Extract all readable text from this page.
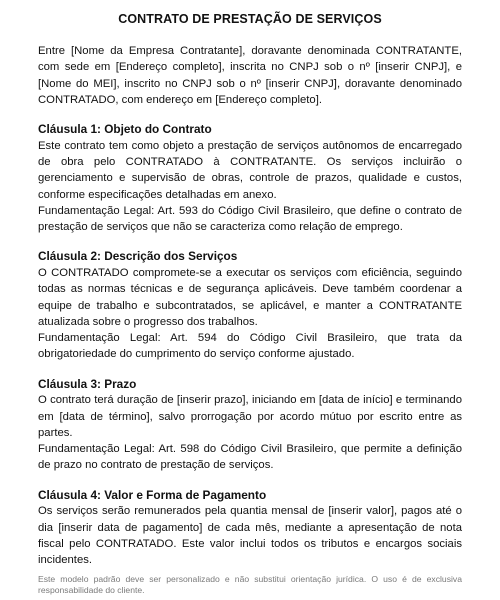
CONTRATO DE PRESTAÇÃO DE SERVIÇOS

Entre [Nome da Empresa Contratante], doravante denominada CONTRATANTE, com sede em [Endereço completo], inscrita no CNPJ sob o nº [inserir CNPJ], e [Nome do MEI], inscrito no CNPJ sob o nº [inserir CNPJ], doravante denominado CONTRATADO, com endereço em [Endereço completo].

Cláusula 1: Objeto do Contrato

Este contrato tem como objeto a prestação de serviços autônomos de encarregado de obra pelo CONTRATADO à CONTRATANTE. Os serviços incluirão o gerenciamento e supervisão de obras, controle de prazos, qualidade e custos, conforme especificações detalhadas em anexo.

Fundamentação Legal: Art. 593 do Código Civil Brasileiro, que define o contrato de prestação de serviços que não se caracteriza como relação de emprego.

Cláusula 2: Descrição dos Serviços

O CONTRATADO compromete-se a executar os serviços com eficiência, seguindo todas as normas técnicas e de segurança aplicáveis. Deve também coordenar a equipe de trabalho e subcontratados, se aplicável, e manter a CONTRATANTE atualizada sobre o progresso dos trabalhos.

Fundamentação Legal: Art. 594 do Código Civil Brasileiro, que trata da obrigatoriedade do cumprimento do serviço conforme ajustado.

Cláusula 3: Prazo

O contrato terá duração de [inserir prazo], iniciando em [data de início] e terminando em [data de término], salvo prorrogação por acordo mútuo por escrito entre as partes.

Fundamentação Legal: Art. 598 do Código Civil Brasileiro, que permite a definição de prazo no contrato de prestação de serviços.

Cláusula 4: Valor e Forma de Pagamento

Os serviços serão remunerados pela quantia mensal de [inserir valor], pagos até o dia [inserir data de pagamento] de cada mês, mediante a apresentação de nota fiscal pelo CONTRATADO. Este valor inclui todos os tributos e encargos sociais incidentes.

Este modelo padrão deve ser personalizado e não substitui orientação jurídica. O uso é de exclusiva responsabilidade do cliente.
